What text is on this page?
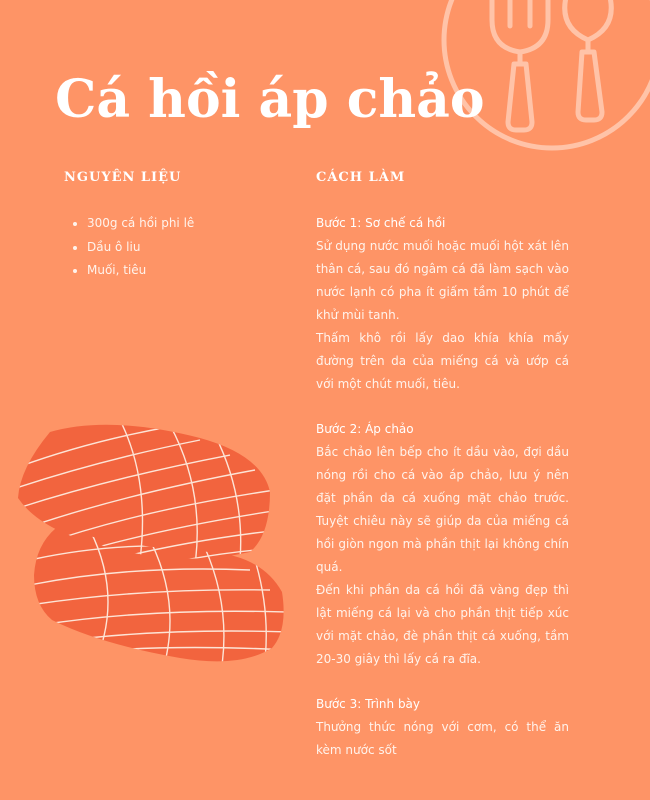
Cá hồi áp chảo
NGUYÊN LIỆU
• 300g cá hồi phi lê
• Dầu ô liu
• Muối, tiêu
CÁCH LÀM
Bước 1: Sơ chế cá hồi

Sử dụng nước muối hoặc muối hột xát lên thân cá, sau đó ngâm cá đã làm sạch vào nước lạnh có pha ít giấm tầm 10 phút để khử mùi tanh.

Thấm khô rồi lấy dao khía khía mấy đường trên da của miếng cá và ướp cá với một chút muối, tiêu.

Bước 2: Áp chảo

Bắc chảo lên bếp cho ít dầu vào, đợi dầu nóng rồi cho cá vào áp chảo, lưu ý nên đặt phần da cá xuống mặt chảo trước. Tuyệt chiêu này sẽ giúp da của miếng cá hồi giòn ngon mà phần thịt lại không chín quá.

Đến khi phần da cá hồi đã vàng đẹp thì lật miếng cá lại và cho phần thịt tiếp xúc với mặt chảo, đè phần thịt cá xuống, tầm 20-30 giây thì lấy cá ra đĩa.

Bước 3: Trình bày

Thưởng thức nóng với cơm, có thể ăn kèm nước sốt
